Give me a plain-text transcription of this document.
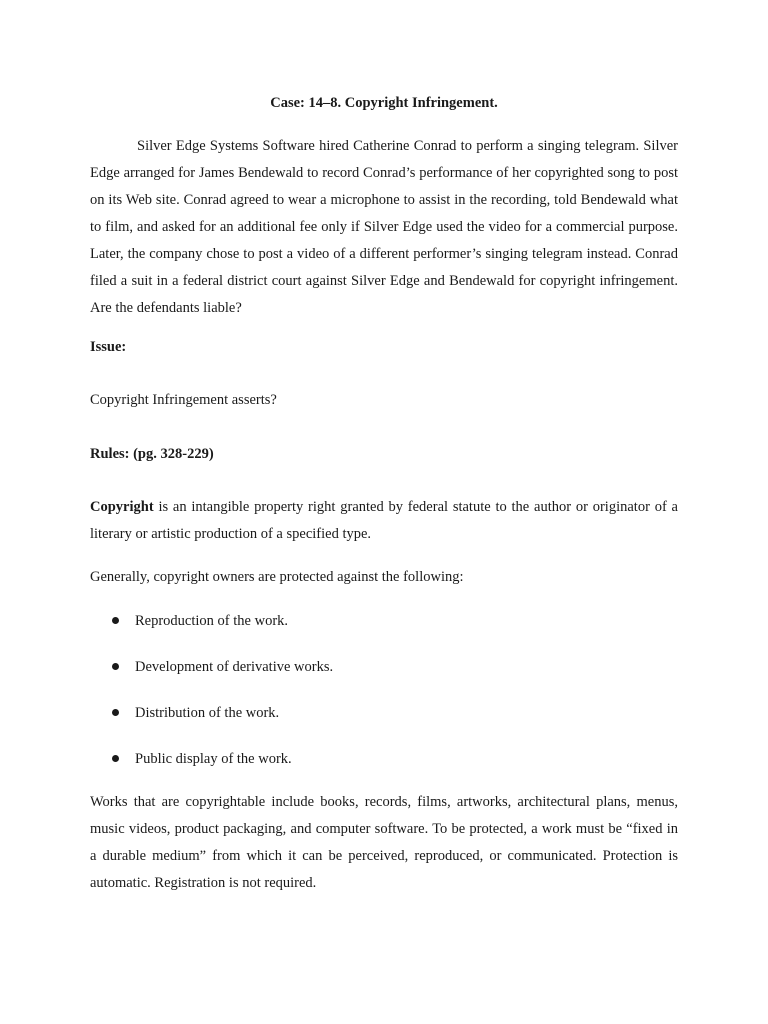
Case: 14–8. Copyright Infringement.

Silver Edge Systems Software hired Catherine Conrad to perform a singing telegram. Silver Edge arranged for James Bendewald to record Conrad’s performance of her copyrighted song to post on its Web site. Conrad agreed to wear a microphone to assist in the recording, told Bendewald what to film, and asked for an additional fee only if Silver Edge used the video for a commercial purpose. Later, the company chose to post a video of a different performer’s singing telegram instead. Conrad filed a suit in a federal district court against Silver Edge and Bendewald for copyright infringement. Are the defendants liable?

Issue:

Copyright Infringement asserts?

Rules: (pg. 328-229)

Copyright is an intangible property right granted by federal statute to the author or originator of a literary or artistic production of a specified type.

Generally, copyright owners are protected against the following:

Reproduction of the work.
Development of derivative works.
Distribution of the work.
Public display of the work.

Works that are copyrightable include books, records, films, artworks, architectural plans, menus, music videos, product packaging, and computer software. To be protected, a work must be “fixed in a durable medium” from which it can be perceived, reproduced, or communicated. Protection is automatic. Registration is not required.
